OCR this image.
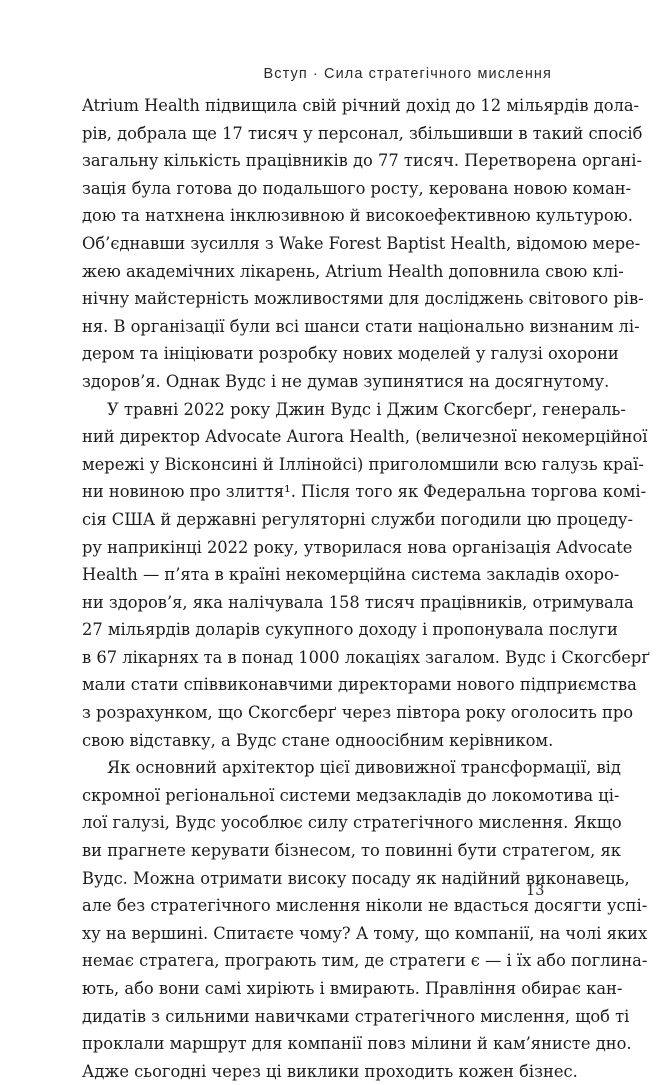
Вступ · Сила стратегічного мислення
Atrium Health підвищила свій річний дохід до 12 мільярдів дола-
рів, добрала ще 17 тисяч у персонал, збільшивши в такий спосіб
загальну кількість працівників до 77 тисяч. Перетворена органі-
зація була готова до подальшого росту, керована новою коман-
дою та натхнена інклюзивною й високоефективною культурою.
Об’єднавши зусилля з Wake Forest Baptist Health, відомою мере-
жею академічних лікарень, Atrium Health доповнила свою клі-
нічну майстерність можливостями для досліджень світового рів-
ня. В організації були всі шанси стати національно визнаним лі-
дером та ініціювати розробку нових моделей у галузі охорони
здоров’я. Однак Вудс і не думав зупинятися на досягнутому.
У травні 2022 року Джин Вудс і Джим Скогсберґ, генераль-
ний директор Advocate Aurora Health, (величезної некомерційної
мережі у Вісконсині й Іллінойсі) приголомшили всю галузь краї-
ни новиною про злиття¹. Після того як Федеральна торгова комі-
сія США й державні регуляторні служби погодили цю процеду-
ру наприкінці 2022 року, утворилася нова організація Advocate
Health — п’ята в країні некомерційна система закладів охоро-
ни здоров’я, яка налічувала 158 тисяч працівників, отримувала
27 мільярдів доларів сукупного доходу і пропонувала послуги
в 67 лікарнях та в понад 1000 локаціях загалом. Вудс і Скогсберґ
мали стати співвиконавчими директорами нового підприємства
з розрахунком, що Скогсберґ через півтора року оголосить про
свою відставку, а Вудс стане одноосібним керівником.
Як основний архітектор цієї дивовижної трансформації, від
скромної регіональної системи медзакладів до локомотива ці-
лої галузі, Вудс уособлює силу стратегічного мислення. Якщо
ви прагнете керувати бізнесом, то повинні бути стратегом, як
Вудс. Можна отримати високу посаду як надійний виконавець,
але без стратегічного мислення ніколи не вдасться досягти успі-
ху на вершині. Спитаєте чому? А тому, що компанії, на чолі яких
немає стратега, програють тим, де стратеги є — і їх або поглина-
ють, або вони самі хиріють і вмирають. Правління обирає кан-
дидатів з сильними навичками стратегічного мислення, щоб ті
проклали маршрут для компанії повз мілини й кам’янисте дно.
Адже сьогодні через ці виклики проходить кожен бізнес.
13
